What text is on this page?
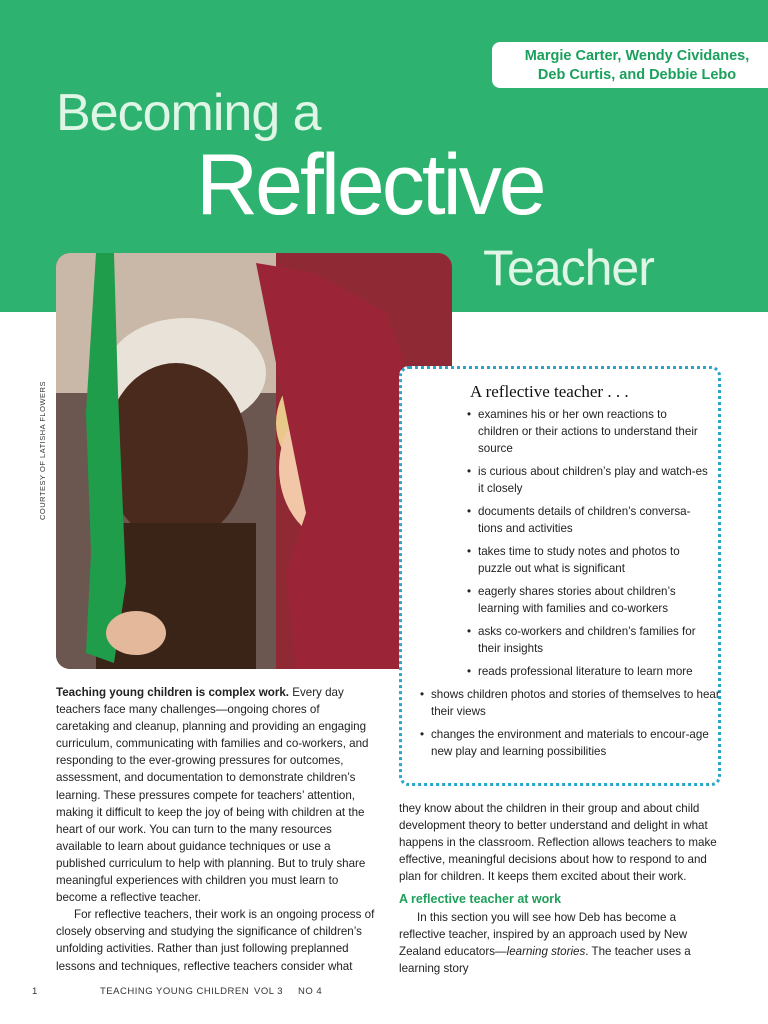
Margie Carter, Wendy Cividanes,
Deb Curtis, and Debbie Lebo
Becoming a
Reflective
Teacher
COURTESY OF LATISHA FLOWERS	A reflective teacher . . .
• examines his or her own reactions to children or their actions to understand their source
• is curious about children’s play and watch-es it closely
• documents details of children’s conversa-tions and activities
• takes time to study notes and photos to puzzle out what is significant
• eagerly shares stories about children’s learning with families and co-workers
• asks co-workers and children’s families for their insights
• reads professional literature to learn more
• shows children photos and stories of themselves to hear their views
• changes the environment and materials to encour-age new play and learning possibilities

Teaching young children is complex work. Every day teachers face many challenges—ongoing chores of caretaking and cleanup, planning and providing an engaging curriculum, communicating with families and co-workers, and responding to the ever-growing pressures for outcomes, assessment, and documentation to demonstrate children’s learning. These pressures compete for teachers’ attention, making it difficult to keep the joy of being with children at the heart of our work. You can turn to the many resources available to learn about guidance techniques or use a published curriculum to help with planning. But to truly share meaningful experiences with children you must learn to become a reflective teacher.

For reflective teachers, their work is an ongoing process of closely observing and studying the significance of children’s unfolding activities. Rather than just following preplanned lessons and techniques, reflective teachers consider what

they know about the children in their group and about child development theory to better understand and delight in what happens in the classroom. Reflection allows teachers to make effective, meaningful decisions about how to respond to and plan for children. It keeps them excited about their work.

A reflective teacher at work

In this section you will see how Deb has become a reflective teacher, inspired by an approach used by New Zealand educators—learning stories. The teacher uses a learning story

1	TEACHING YOUNG CHILDREN VOL 3 NO 4
